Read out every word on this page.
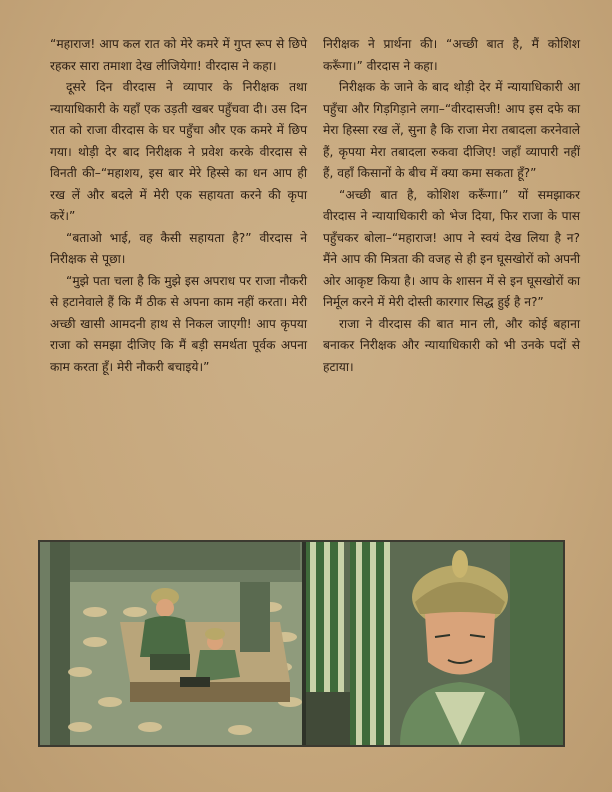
“महाराज! आप कल रात को मेरे कमरे में गुप्त रूप से छिपे रहकर सारा तमाशा देख लीजियेगा! वीरदास ने कहा।

दूसरे दिन वीरदास ने व्यापार के निरीक्षक तथा न्यायाधिकारी के यहाँ एक उड़ती खबर पहुँचवा दी। उस दिन रात को राजा वीरदास के घर पहुँचा और एक कमरे में छिप गया। थोड़ी देर बाद निरीक्षक ने प्रवेश करके वीरदास से विनती की–“महाशय, इस बार मेरे हिस्से का धन आप ही रख लें और बदले में मेरी एक सहायता करने की कृपा करें।”

“बताओ भाई, वह कैसी सहायता है?” वीरदास ने निरीक्षक से पूछा।

“मुझे पता चला है कि मुझे इस अपराध पर राजा नौकरी से हटानेवाले हैं कि मैं ठीक से अपना काम नहीं करता। मेरी अच्छी खासी आमदनी हाथ से निकल जाएगी! आप कृपया राजा को समझा दीजिए कि मैं बड़ी समर्थता पूर्वक अपना काम करता हूँ। मेरी नौकरी बचाइये।”

निरीक्षक ने प्रार्थना की। “अच्छी बात है, मैं कोशिश करूँगा।” वीरदास ने कहा।

निरीक्षक के जाने के बाद थोड़ी देर में न्यायाधिकारी आ पहुँचा और गिड़गिड़ाने लगा–“वीरदासजी! आप इस दफे का मेरा हिस्सा रख लें, सुना है कि राजा मेरा तबादला करनेवाले हैं, कृपया मेरा तबादला रुकवा दीजिए! जहाँ व्यापारी नहीं हैं, वहाँ किसानों के बीच में क्या कमा सकता हूँ?”

“अच्छी बात है, कोशिश करूँगा।” यों समझाकर वीरदास ने न्यायाधिकारी को भेज दिया, फिर राजा के पास पहुँचकर बोला–“महाराज! आप ने स्वयं देख लिया है न? मैंने आप की मित्रता की वजह से ही इन घूसखोरों को अपनी ओर आकृष्ट किया है। आप के शासन में से इन घूसखोरों का निर्मूल करने में मेरी दोस्ती कारगार सिद्ध हुई है न?”

राजा ने वीरदास की बात मान ली, और कोई बहाना बनाकर निरीक्षक और न्यायाधिकारी को भी उनके पदों से हटाया।
